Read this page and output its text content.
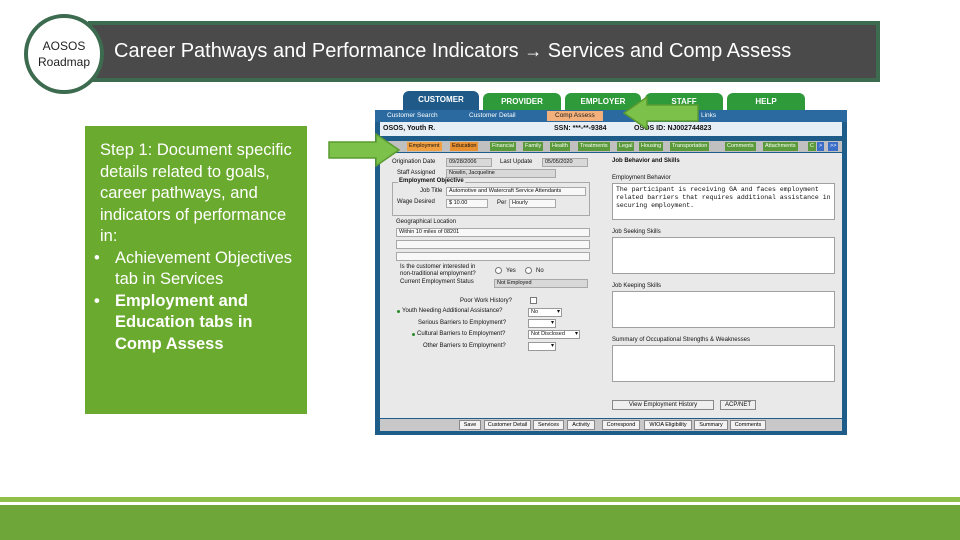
AOSOS
Roadmap Career Pathways and Performance Indicators → Services and Comp Assess

Step 1: Document specific details related to goals, career pathways, and indicators of performance in:

• Achievement Objectives tab in Services
• Employment and Education tabs in Comp Assess
CUSTOMER	PROVIDER	EMPLOYER	STAFF	HELP
Customer Search	Customer Detail	Comp Assess	Links
OSOS, Youth R.	SSN: ***-**-9384	OSOS ID: NJ002744823
Employment	Education	Financial	Family	Health	Treatments	Legal	Housing	Transportation	Comments	Attachments	C >	>>
Origination Date	09/28/2006	Last Update	05/05/2020
Staff Assigned	Nowlin, Jacqueline
Employment Objective
Job Title	Automotive and Watercraft Service Attendants
Wage Desired	$ 10.00	Per	Hourly
Geographical Location
Within 10 miles of 08201
Is the customer interested in
non-traditional employment?	Yes	No
Current Employment Status	Not Employed
Poor Work History?
Youth Needing Additional Assistance?	No ▾
Serious Barriers to Employment?
▾
Cultural Barriers to Employment?	Not Disclosed ▾
Other Barriers to Employment?
▾
Job Behavior and Skills
Employment Behavior
The participant is receiving GA and faces employment related barriers that requires additional assistance in securing employment.
Job Seeking Skills
Job Keeping Skills
Summary of Occupational Strengths & Weaknesses
View Employment History	ACP/NET
Save	Customer Detail	Services	Activity	Correspond	WIOA Eligibility	Summary	Comments
